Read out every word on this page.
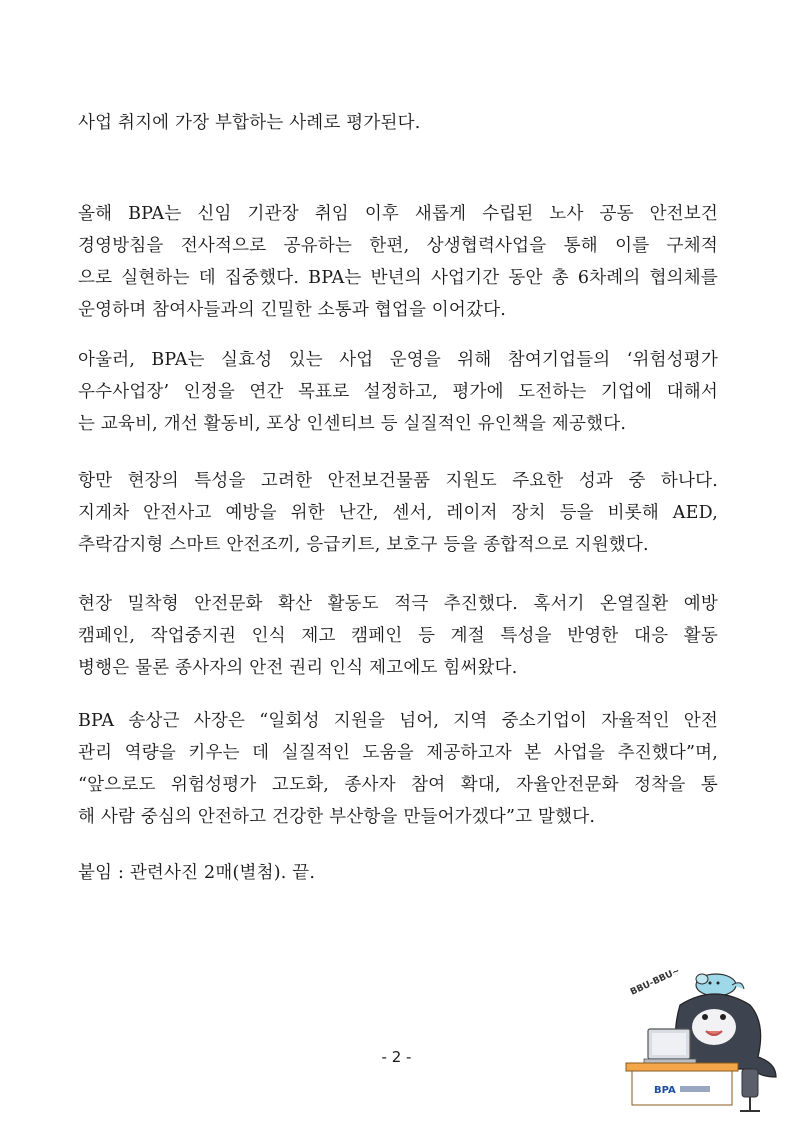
사업 취지에 가장 부합하는 사례로 평가된다.
올해 BPA는 신임 기관장 취임 이후 새롭게 수립된 노사 공동 안전보건
경영방침을 전사적으로 공유하는 한편, 상생협력사업을 통해 이를 구체적
으로 실현하는 데 집중했다. BPA는 반년의 사업기간 동안 총 6차례의 협의체를
운영하며 참여사들과의 긴밀한 소통과 협업을 이어갔다.
아울러, BPA는 실효성 있는 사업 운영을 위해 참여기업들의 ‘위험성평가
우수사업장’ 인정을 연간 목표로 설정하고, 평가에 도전하는 기업에 대해서
는 교육비, 개선 활동비, 포상 인센티브 등 실질적인 유인책을 제공했다.
항만 현장의 특성을 고려한 안전보건물품 지원도 주요한 성과 중 하나다.
지게차 안전사고 예방을 위한 난간, 센서, 레이저 장치 등을 비롯해 AED,
추락감지형 스마트 안전조끼, 응급키트, 보호구 등을 종합적으로 지원했다.
현장 밀착형 안전문화 확산 활동도 적극 추진했다. 혹서기 온열질환 예방
캠페인, 작업중지권 인식 제고 캠페인 등 계절 특성을 반영한 대응 활동
병행은 물론 종사자의 안전 권리 인식 제고에도 힘써왔다.
BPA 송상근 사장은 “일회성 지원을 넘어, 지역 중소기업이 자율적인 안전
관리 역량을 키우는 데 실질적인 도움을 제공하고자 본 사업을 추진했다”며,
“앞으로도 위험성평가 고도화, 종사자 참여 확대, 자율안전문화 정착을 통
해 사람 중심의 안전하고 건강한 부산항을 만들어가겠다”고 말했다.
붙임 : 관련사진 2매(별첨). 끝.
- 2 -
BBU-BBU~
BPA
